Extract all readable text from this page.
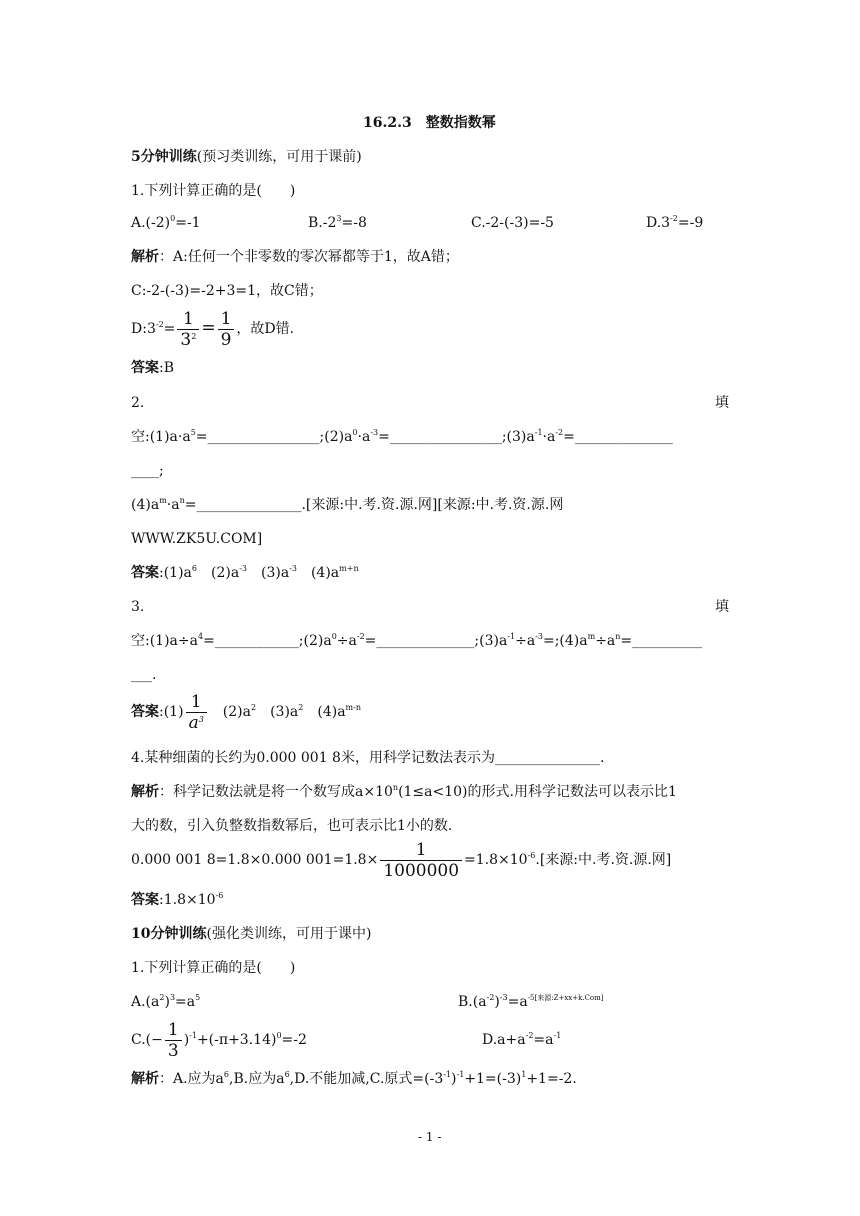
16.2.3　整数指数幂
5分钟训练(预习类训练，可用于课前)
1.下列计算正确的是(　　)
$A.(-2)^0=-1$	$B.-2^3=-8$	C.-2-(-3)=-5	$D.3^{-2}=-9$
解析：A:任何一个非零数的零次幂都等于1，故A错；
C:-2-(-3)=-2+3=1，故C错；
$D:3^{-2}= \frac{1}{3^2} = \frac{1}{9}$ ，故D错.
答案:B
2.	填
空$:(1)a\cdot a^5=\_\_\_\_\_\_\_\_\_\_\_\_\_\_\_\_;(2)a^0\cdot a^{-3}=\_\_\_\_\_\_\_\_\_\_\_\_\_\_\_\_;(3)a^{-1}\cdot a^{-2}=\_\_\_\_\_\_\_\_\_\_\_\_\_\_$
____;
$(4)a^m\cdot a^n=\_\_\_\_\_\_\_\_\_\_\_\_\_\_\_$.[来源:中.考.资.源.网][来源:中.考.资.源.网
WWW.ZK5U.COM]
答案$:(1)a^6$　$(2)a^{-3}$　$(3)a^{-3}$　$(4)a^{m+n}$
3.	填
空$:(1)a\div a^4=\_\_\_\_\_\_\_\_\_\_\_\_;(2)a^0\div a^{-2}=\_\_\_\_\_\_\_\_\_\_\_\_\_\_;(3)a^{-1}\div a^{-3}=;(4)a^m\div a^n=\_\_\_\_\_\_\_\_\_\_$
___.
答案:(1) $\frac{1}{a^3}$ 　$(2)a^2$　$(3)a^2$　$(4)a^{m-n}$
4.某种细菌的长约为0.000 001 8米，用科学记数法表示为_______________.
解析：科学记数法就是将一个数写成$a\times 10^n(1\le a<10)$的形式.用科学记数法可以表示比1
大的数，引入负整数指数幂后，也可表示比1小的数.
0.000 001 8=1.8×0.000 $001=1.8\times \frac{1}{1000000} =1.8\times 10^{-6}$.[来源:中.考.资.源.网]
答案$:1.8\times 10^{-6}$
10分钟训练(强化类训练，可用于课中)
1.下列计算正确的是(　　)
$A.(a^2)^3=a^5$	$B.(a^{-2})^{-3}=a^{-5[来源:Z+xx+k.Com]}$
$C.(- \frac{1}{3} )^{-1}+(-\pi+3.14)^0=-2$	$D.a+a^{-2}=a^{-1}$
解析：A.应为$a^6,B$.应为$a^6,D$.不能加减,C.原式$=(-3^{-1})^{-1}+1=(-3)^1+1=-2$.
- 1 -
